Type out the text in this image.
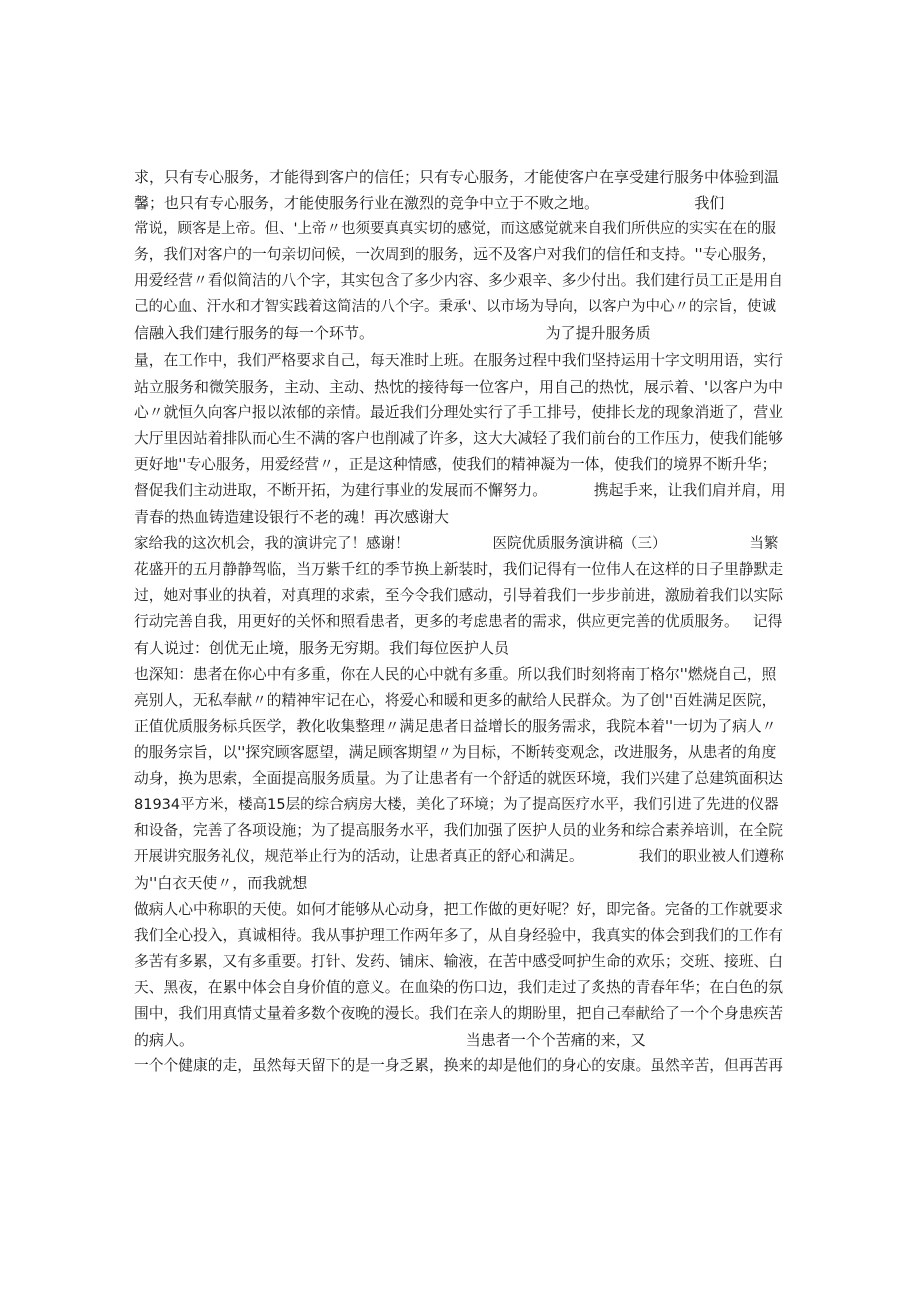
求，只有专心服务，才能得到客户的信任；只有专心服务，才能使客户在享受建行服务中体验到温
馨；也只有专心服务，才能使服务行业在激烈的竞争中立于不败之地。                    我们
常说，顾客是上帝。但、'上帝〃也须要真真实切的感觉，而这感觉就来自我们所供应的实实在在的服
务，我们对客户的一句亲切问候，一次周到的服务，远不及客户对我们的信任和支持。''专心服务，
用爱经营〃看似简洁的八个字，其实包含了多少内容、多少艰辛、多少付出。我们建行员工正是用自
己的心血、汗水和才智实践着这简洁的八个字。秉承'、以市场为导向，以客户为中心〃的宗旨，使诚
信融入我们建行服务的每一个环节。                                    为了提升服务质
量，在工作中，我们严格要求自己，每天准时上班。在服务过程中我们坚持运用十字文明用语，实行
站立服务和微笑服务，主动、主动、热忱的接待每一位客户，用自己的热忱，展示着、'以客户为中
心〃就恒久向客户报以浓郁的亲情。最近我们分理处实行了手工排号，使排长龙的现象消逝了，营业
大厅里因站着排队而心生不满的客户也削减了许多，这大大减轻了我们前台的工作压力，使我们能够
更好地''专心服务，用爱经营〃，正是这种情感，使我们的精神凝为一体，使我们的境界不断升华；
督促我们主动进取，不断开拓，为建行事业的发展而不懈努力。          携起手来，让我们肩并肩，用
青春的热血铸造建设银行不老的魂！再次感谢大
家给我的这次机会，我的演讲完了！感谢！                  医院优质服务演讲稿（三）                  当繁
花盛开的五月静静驾临，当万紫千红的季节换上新装时，我们记得有一位伟人在这样的日子里静默走
过，她对事业的执着，对真理的求索，至今令我们感动，引导着我们一步步前进，激励着我们以实际
行动完善自我，用更好的关怀和照看患者，更多的考虑患者的需求，供应更完善的优质服务。   记得
有人说过：创优无止境，服务无穷期。我们每位医护人员
也深知：患者在你心中有多重，你在人民的心中就有多重。所以我们时刻将南丁格尔''燃烧自己，照
亮别人，无私奉献〃的精神牢记在心，将爱心和暖和更多的献给人民群众。为了创''百姓满足医院，
正值优质服务标兵医学，教化收集整理〃满足患者日益增长的服务需求，我院本着''一切为了病人〃
的服务宗旨，以''探究顾客愿望，满足顾客期望〃为目标，不断转变观念，改进服务，从患者的角度
动身，换为思索，全面提高服务质量。为了让患者有一个舒适的就医环境，我们兴建了总建筑面积达
81934平方米，楼高15层的综合病房大楼，美化了环境；为了提高医疗水平，我们引进了先进的仪器
和设备，完善了各项设施；为了提高服务水平，我们加强了医护人员的业务和综合素养培训，在全院
开展讲究服务礼仪，规范举止行为的活动，让患者真正的舒心和满足。            我们的职业被人们遵称
为''白衣天使〃，而我就想
做病人心中称职的天使。如何才能够从心动身，把工作做的更好呢？好，即完备。完备的工作就要求
我们全心投入，真诚相待。我从事护理工作两年多了，从自身经验中，我真实的体会到我们的工作有
多苦有多累，又有多重要。打针、发药、铺床、输液，在苦中感受呵护生命的欢乐；交班、接班、白
天、黑夜，在累中体会自身价值的意义。在血染的伤口边，我们走过了炙热的青春年华；在白色的氛
围中，我们用真情丈量着多数个夜晚的漫长。我们在亲人的期盼里，把自己奉献给了一个个身患疾苦
的病人。                                                         当患者一个个苦痛的来，又
一个个健康的走，虽然每天留下的是一身乏累，换来的却是他们的身心的安康。虽然辛苦，但再苦再
